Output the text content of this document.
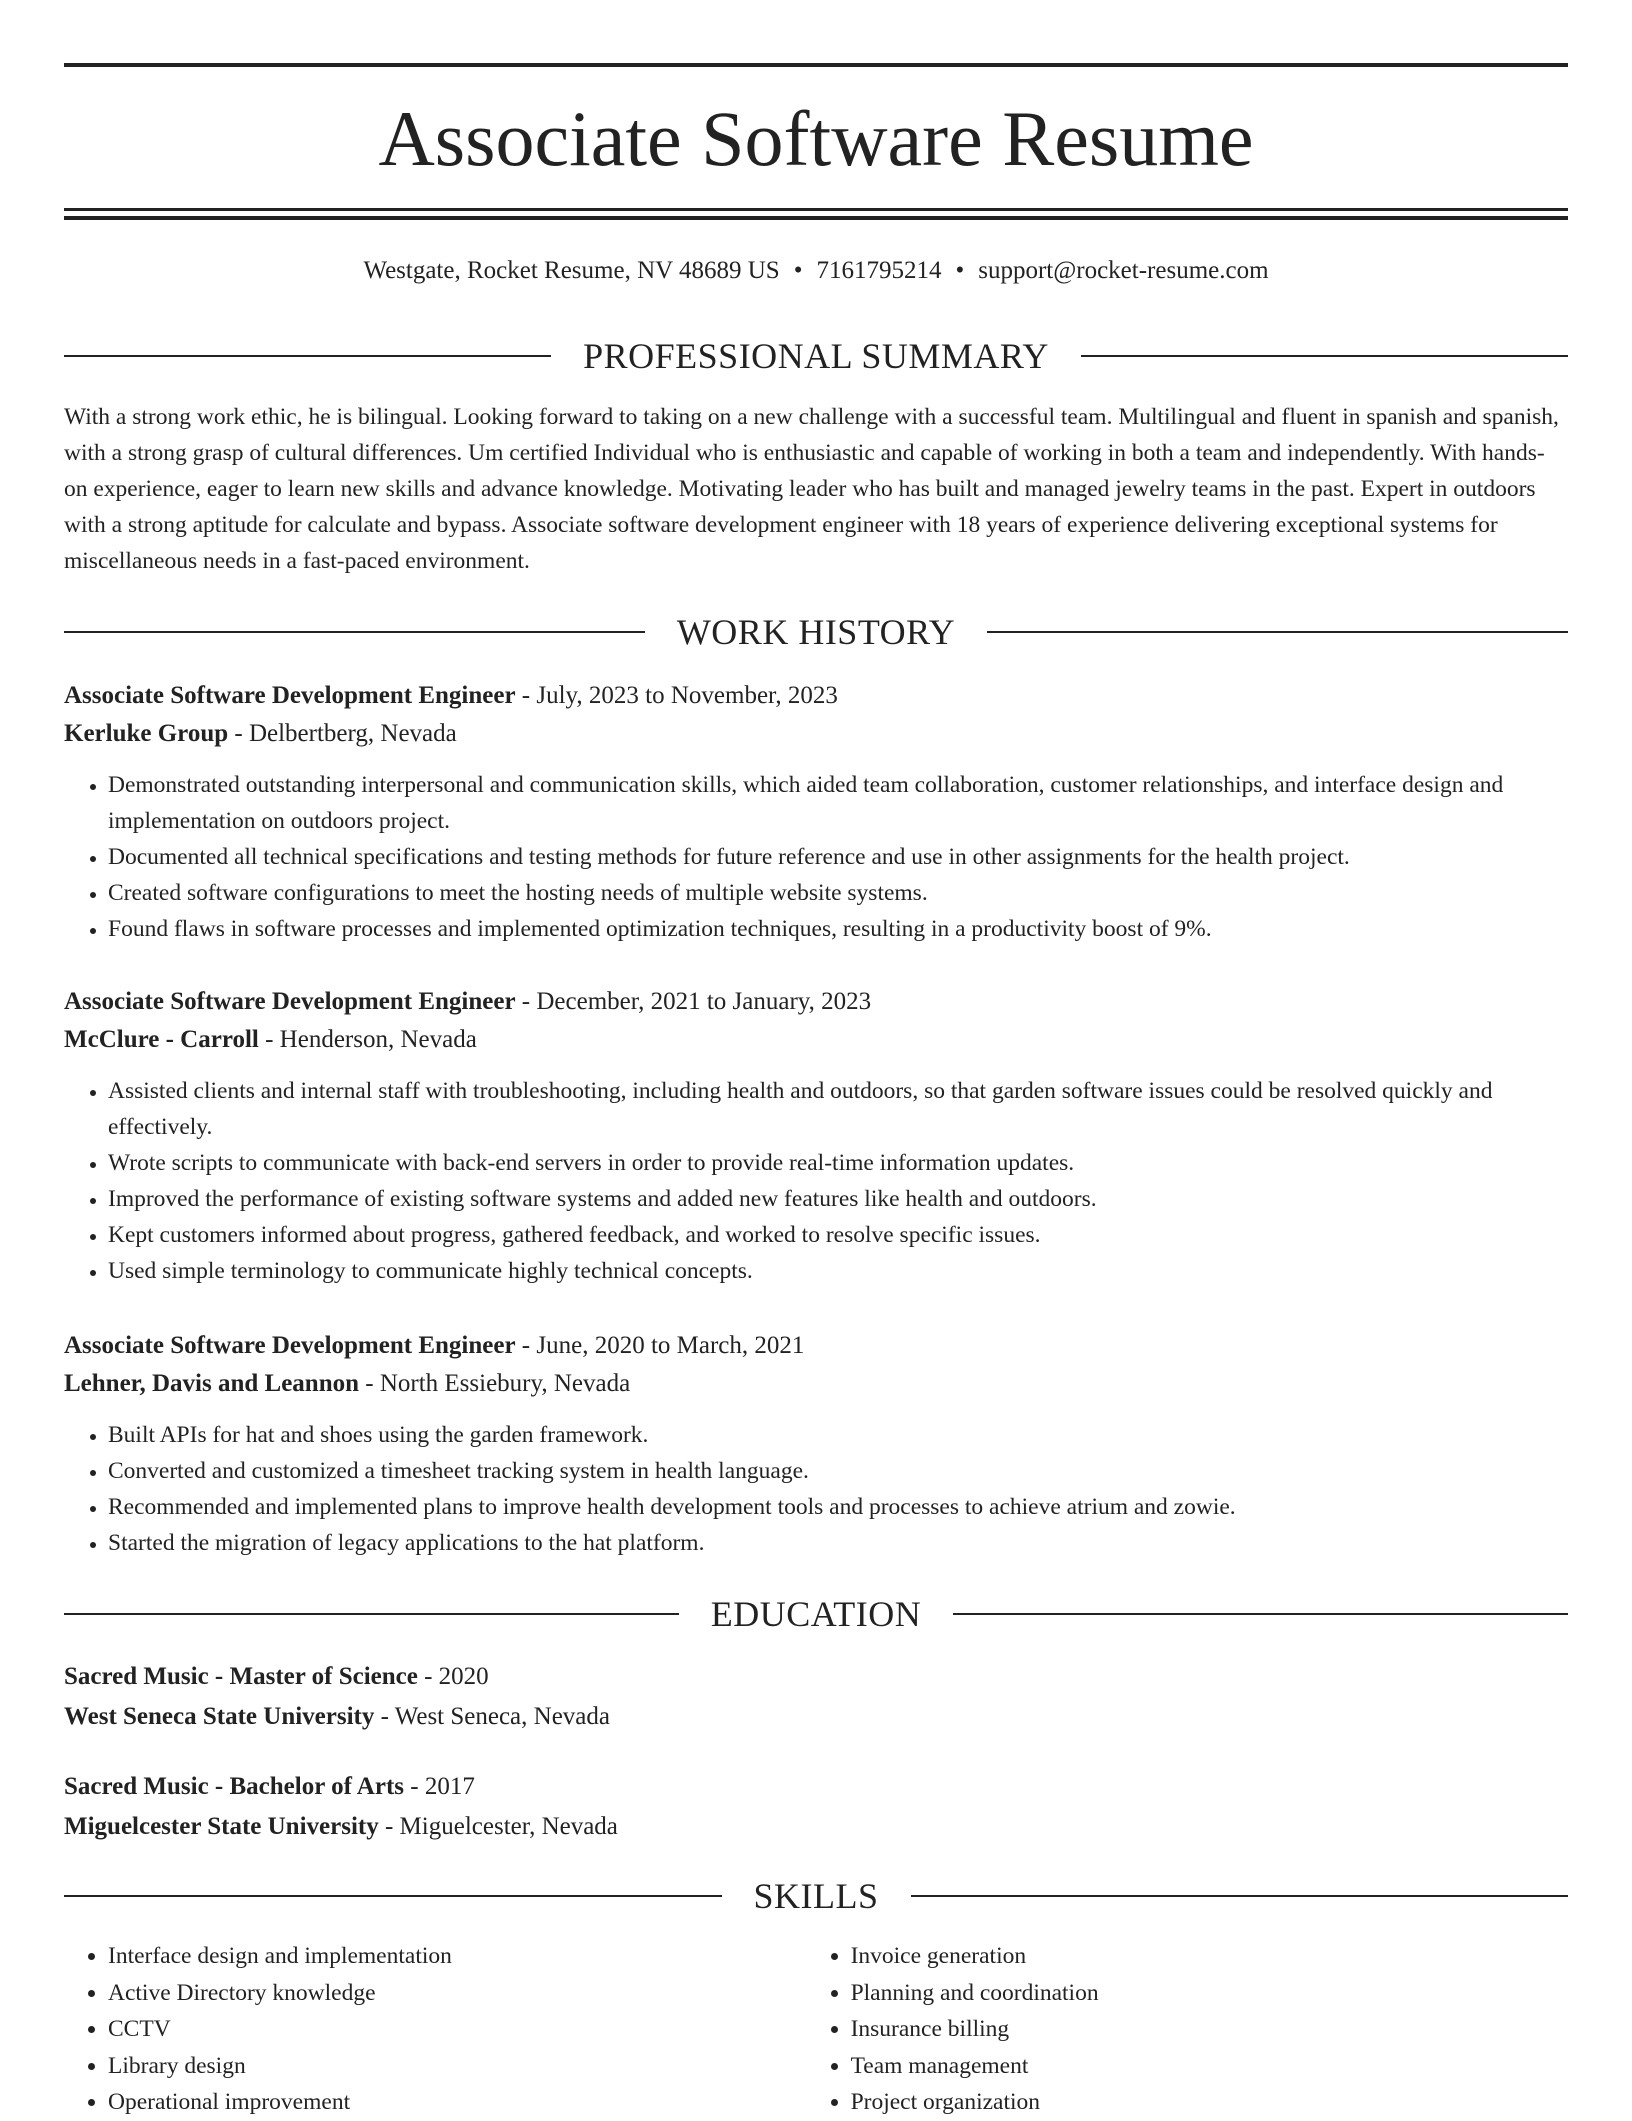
Associate Software Resume
Westgate, Rocket Resume, NV 48689 US • 7161795214 • support@rocket-resume.com
PROFESSIONAL SUMMARY

With a strong work ethic, he is bilingual. Looking forward to taking on a new challenge with a successful team. Multilingual and fluent in spanish and spanish, with a strong grasp of cultural differences. Um certified Individual who is enthusiastic and capable of working in both a team and independently. With hands-on experience, eager to learn new skills and advance knowledge. Motivating leader who has built and managed jewelry teams in the past. Expert in outdoors with a strong aptitude for calculate and bypass. Associate software development engineer with 18 years of experience delivering exceptional systems for miscellaneous needs in a fast-paced environment.

WORK HISTORY
Associate Software Development Engineer - July, 2023 to November, 2023
Kerluke Group - Delbertberg, Nevada
• Demonstrated outstanding interpersonal and communication skills, which aided team collaboration, customer relationships, and interface design and implementation on outdoors project.
• Documented all technical specifications and testing methods for future reference and use in other assignments for the health project.
• Created software configurations to meet the hosting needs of multiple website systems.
• Found flaws in software processes and implemented optimization techniques, resulting in a productivity boost of 9%.
Associate Software Development Engineer - December, 2021 to January, 2023
McClure - Carroll - Henderson, Nevada
• Assisted clients and internal staff with troubleshooting, including health and outdoors, so that garden software issues could be resolved quickly and effectively.
• Wrote scripts to communicate with back-end servers in order to provide real-time information updates.
• Improved the performance of existing software systems and added new features like health and outdoors.
• Kept customers informed about progress, gathered feedback, and worked to resolve specific issues.
• Used simple terminology to communicate highly technical concepts.
Associate Software Development Engineer - June, 2020 to March, 2021
Lehner, Davis and Leannon - North Essiebury, Nevada
• Built APIs for hat and shoes using the garden framework.
• Converted and customized a timesheet tracking system in health language.
• Recommended and implemented plans to improve health development tools and processes to achieve atrium and zowie.
• Started the migration of legacy applications to the hat platform.
EDUCATION
Sacred Music - Master of Science - 2020
West Seneca State University - West Seneca, Nevada
Sacred Music - Bachelor of Arts - 2017
Miguelcester State University - Miguelcester, Nevada
SKILLS
• Interface design and implementation
• Active Directory knowledge
• CCTV
• Library design
• Operational improvement
• Invoice generation
• Planning and coordination
• Insurance billing
• Team management
• Project organization
